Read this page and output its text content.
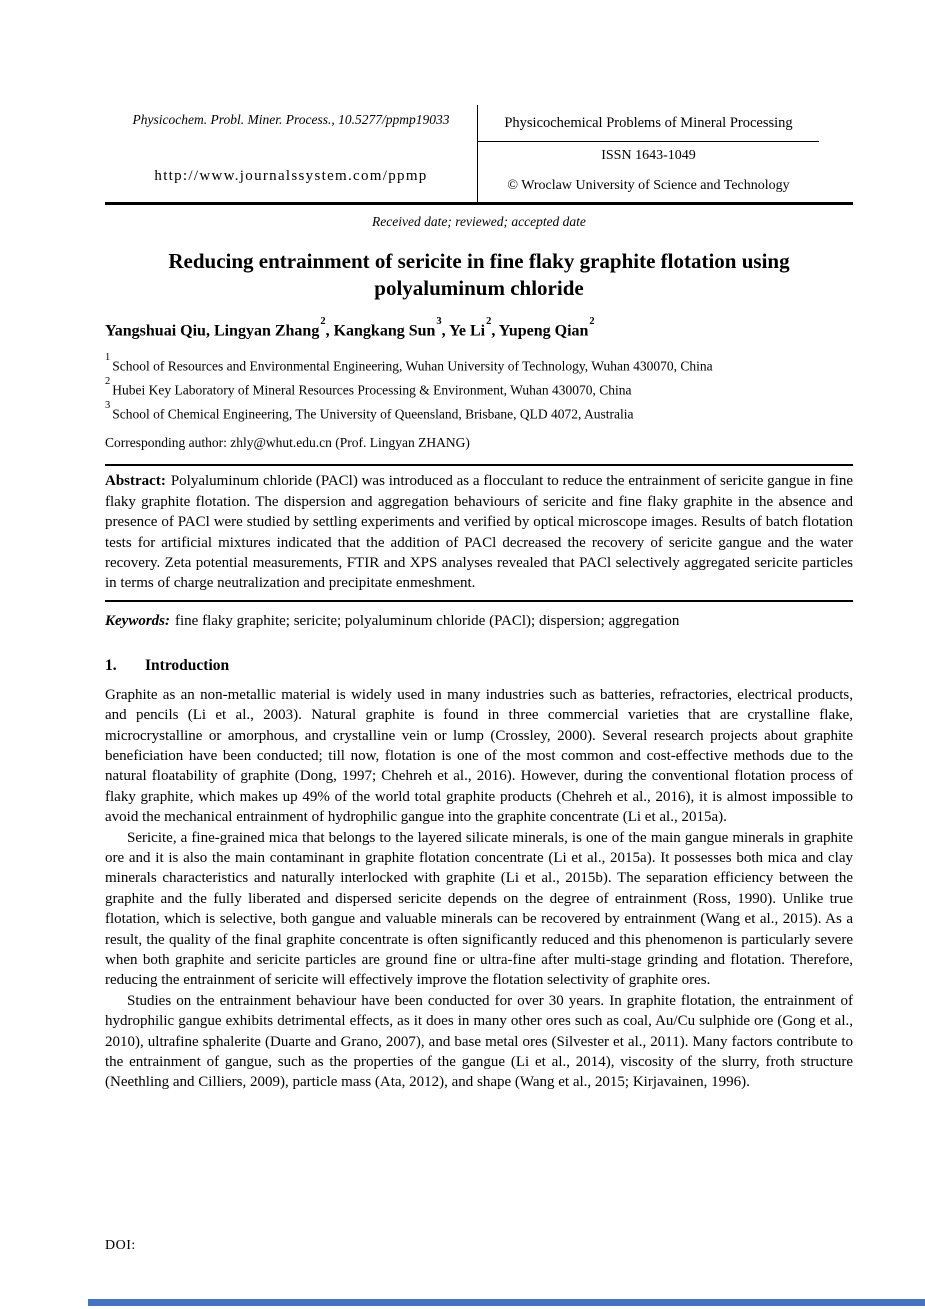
Physicochem. Probl. Miner. Process., 10.5277/ppmp19033
http://www.journalssystem.com/ppmp
Physicochemical Problems of Mineral Processing
ISSN 1643-1049
© Wroclaw University of Science and Technology
Received date; reviewed; accepted date
Reducing entrainment of sericite in fine flaky graphite flotation using polyaluminum chloride
Yangshuai Qiu, Lingyan Zhang$^2$, Kangkang Sun$^3$, Ye Li$^2$, Yupeng Qian$^2$
$^1$School of Resources and Environmental Engineering, Wuhan University of Technology, Wuhan 430070, China
$^2$Hubei Key Laboratory of Mineral Resources Processing & Environment, Wuhan 430070, China
$^3$School of Chemical Engineering, The University of Queensland, Brisbane, QLD 4072, Australia
Corresponding author: zhly@whut.edu.cn (Prof. Lingyan ZHANG)

Abstract: Polyaluminum chloride (PACl) was introduced as a flocculant to reduce the entrainment of sericite gangue in fine flaky graphite flotation. The dispersion and aggregation behaviours of sericite and fine flaky graphite in the absence and presence of PACl were studied by settling experiments and verified by optical microscope images. Results of batch flotation tests for artificial mixtures indicated that the addition of PACl decreased the recovery of sericite gangue and the water recovery. Zeta potential measurements, FTIR and XPS analyses revealed that PACl selectively aggregated sericite particles in terms of charge neutralization and precipitate enmeshment.

Keywords: fine flaky graphite; sericite; polyaluminum chloride (PACl); dispersion; aggregation

1. Introduction

Graphite as an non-metallic material is widely used in many industries such as batteries, refractories, electrical products, and pencils (Li et al., 2003). Natural graphite is found in three commercial varieties that are crystalline flake, microcrystalline or amorphous, and crystalline vein or lump (Crossley, 2000). Several research projects about graphite beneficiation have been conducted; till now, flotation is one of the most common and cost-effective methods due to the natural floatability of graphite (Dong, 1997; Chehreh et al., 2016). However, during the conventional flotation process of flaky graphite, which makes up 49% of the world total graphite products (Chehreh et al., 2016), it is almost impossible to avoid the mechanical entrainment of hydrophilic gangue into the graphite concentrate (Li et al., 2015a).

Sericite, a fine-grained mica that belongs to the layered silicate minerals, is one of the main gangue minerals in graphite ore and it is also the main contaminant in graphite flotation concentrate (Li et al., 2015a). It possesses both mica and clay minerals characteristics and naturally interlocked with graphite (Li et al., 2015b). The separation efficiency between the graphite and the fully liberated and dispersed sericite depends on the degree of entrainment (Ross, 1990). Unlike true flotation, which is selective, both gangue and valuable minerals can be recovered by entrainment (Wang et al., 2015). As a result, the quality of the final graphite concentrate is often significantly reduced and this phenomenon is particularly severe when both graphite and sericite particles are ground fine or ultra-fine after multi-stage grinding and flotation. Therefore, reducing the entrainment of sericite will effectively improve the flotation selectivity of graphite ores.

Studies on the entrainment behaviour have been conducted for over 30 years. In graphite flotation, the entrainment of hydrophilic gangue exhibits detrimental effects, as it does in many other ores such as coal, Au/Cu sulphide ore (Gong et al., 2010), ultrafine sphalerite (Duarte and Grano, 2007), and base metal ores (Silvester et al., 2011). Many factors contribute to the entrainment of gangue, such as the properties of the gangue (Li et al., 2014), viscosity of the slurry, froth structure (Neethling and Cilliers, 2009), particle mass (Ata, 2012), and shape (Wang et al., 2015; Kirjavainen, 1996).

DOI:
